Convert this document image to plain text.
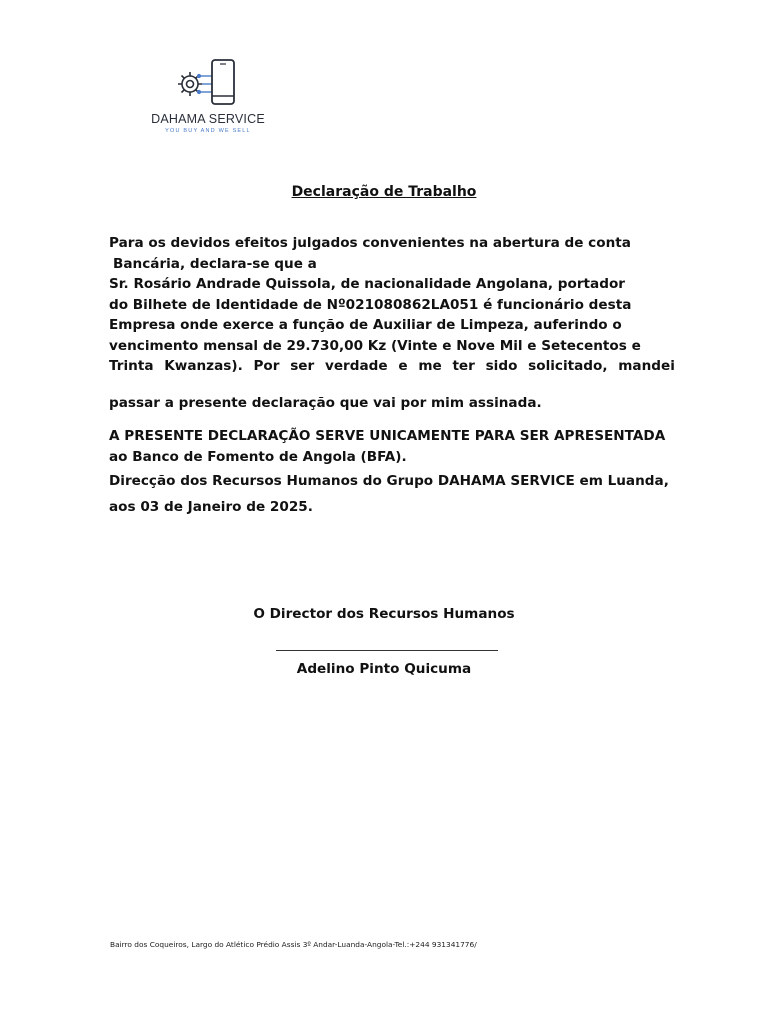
DAHAMA SERVICE
YOU BUY AND WE SELL
Declaração de Trabalho
Para os devidos efeitos julgados convenientes na abertura de conta
Bancária, declara-se que a
Sr. Rosário Andrade Quissola, de nacionalidade Angolana, portador
do Bilhete de Identidade de Nº021080862LA051 é funcionário desta
Empresa onde exerce a função de Auxiliar de Limpeza, auferindo o
vencimento mensal de 29.730,00 Kz (Vinte e Nove Mil e Setecentos e
Trinta Kwanzas). Por ser verdade e me ter sido solicitado, mandei
passar a presente declaração que vai por mim assinada.
A PRESENTE DECLARAÇÃO SERVE UNICAMENTE PARA SER APRESENTADA
ao Banco de Fomento de Angola (BFA).
Direcção dos Recursos Humanos do Grupo DAHAMA SERVICE em Luanda,
aos 03 de Janeiro de 2025.
O Director dos Recursos Humanos
Adelino Pinto Quicuma
Bairro dos Coqueiros, Largo do Atlético Prédio Assis 3º Andar-Luanda-Angola-Tel.:+244 931341776/
